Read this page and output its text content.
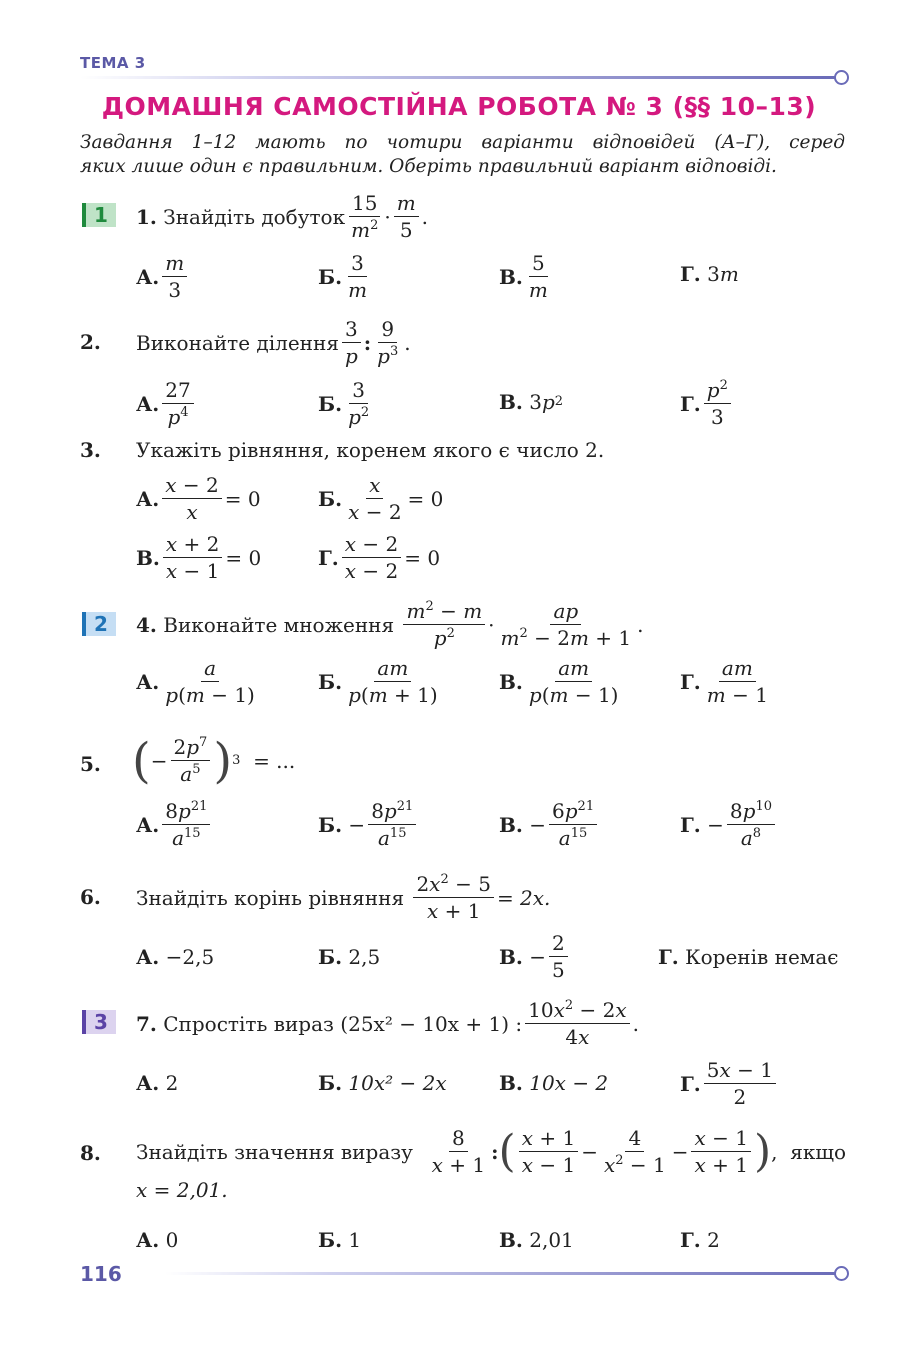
ТЕМА 3
ДОМАШНЯ САМОСТІЙНА РОБОТА № 3 (§§ 10–13)
Завдання 1–12 мають по чотири варіанти відповідей (А–Г), серед
яких лише один є правильним. Оберіть правильний варіант відповіді.
1
2
3
1.
Знайдіть добуток $\frac{15}{m^2} \cdot \frac{m}{5}$ .
А. $\frac{m}{3}$	Б. $\frac{3}{m}$	В. $\frac{5}{m}$	Г. 3 m
2. Виконайте ділення $\frac{3}{p}$ : $\frac{9}{p^3}$ .
А. $\frac{27}{p^4}$	Б. $\frac{3}{p^2}$	В. 3 p 2	Г. $\frac{p^2}{3}$
3. Укажіть рівняння, коренем якого є число 2.
А. $\frac{x - 2}{x} = 0$	Б. $\frac{x}{x - 2} = 0$
В. $\frac{x + 2}{x - 1} = 0$	Г. $\frac{x - 2}{x - 2} = 0$
4.
Виконайте множення
$\frac{m^2 - m}{p^2} \cdot \frac{ap}{m^2 - 2m + 1}$ .
А. $\frac{a}{p(m - 1)}$	Б. $\frac{am}{p(m + 1)}$	В. $\frac{am}{p(m - 1)}$	Г. $\frac{am}{m - 1}$
5. ( − $\frac{2p^7}{a^5}$ ) 3
= ...
А. $\frac{8p^{21}}{a^{15}}$	Б. − $\frac{8p^{21}}{a^{15}}$	В. − $\frac{6p^{21}}{a^{15}}$	Г. − $\frac{8p^{10}}{a^8}$
6. Знайдіть корінь рівняння
$\frac{2x^2 - 5}{x + 1} = 2x$.
А.
−2,5	Б.
2,5	В. − $\frac{2}{5}$	Г.
Коренів немає
7.
Спростіть вираз
(25x² − 10x + 1) : $\frac{10x^2 - 2x}{4x}$ .
А.
2	Б.
10x² − 2x	В.
10x − 2	Г. $\frac{5x - 1}{2}$
8. Знайдіть значення виразу $\frac{8}{x + 1}$ : ( $\frac{x + 1}{x - 1} - \frac{4}{x^2 - 1} - \frac{x - 1}{x + 1}$ ) , якщо
x = 2,01.
А.
0	Б.
1	В.
2,01	Г.
2
116
